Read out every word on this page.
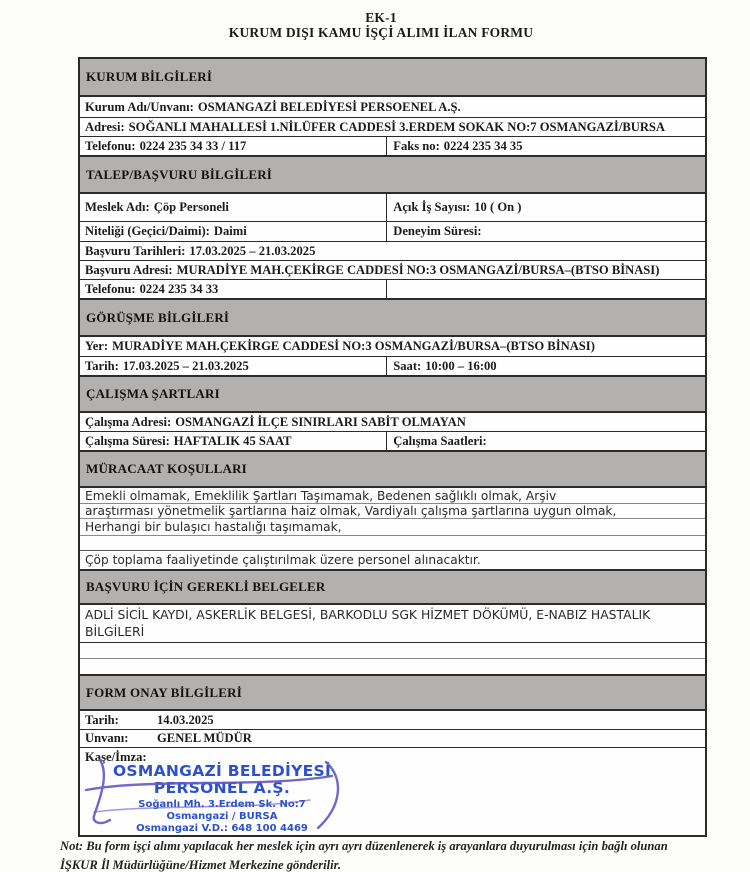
EK-1
KURUM DIŞI KAMU İŞÇİ ALIMI İLAN FORMU
KURUM BİLGİLERİ
Kurum Adı/Unvanı: OSMANGAZİ BELEDİYESİ PERSOENEL A.Ş.
Adresi: SOĞANLI MAHALLESİ 1.NİLÜFER CADDESİ 3.ERDEM SOKAK NO:7 OSMANGAZİ/BURSA
Telefonu: 0224 235 34 33 / 117	Faks no: 0224 235 34 35
TALEP/BAŞVURU BİLGİLERİ
Meslek Adı: Çöp Personeli	Açık İş Sayısı: 10 ( On )
Niteliği (Geçici/Daimi): Daimi	Deneyim Süresi:
Başvuru Tarihleri: 17.03.2025 – 21.03.2025
Başvuru Adresi: MURADİYE MAH.ÇEKİRGE CADDESİ NO:3 OSMANGAZİ/BURSA–(BTSO BİNASI)
Telefonu: 0224 235 34 33
GÖRÜŞME BİLGİLERİ
Yer: MURADİYE MAH.ÇEKİRGE CADDESİ NO:3 OSMANGAZİ/BURSA–(BTSO BİNASI)
Tarih: 17.03.2025 – 21.03.2025	Saat: 10:00 – 16:00
ÇALIŞMA ŞARTLARI
Çalışma Adresi: OSMANGAZİ İLÇE SINIRLARI SABİT OLMAYAN
Çalışma Süresi: HAFTALIK 45 SAAT	Çalışma Saatleri:
MÜRACAAT KOŞULLARI
Emekli olmamak, Emeklilik Şartları Taşımamak, Bedenen sağlıklı olmak, Arşiv
araştırması yönetmelik şartlarına haiz olmak, Vardiyalı çalışma şartlarına uygun olmak,
Herhangi bir bulaşıcı hastalığı taşımamak,
Çöp toplama faaliyetinde çalıştırılmak üzere personel alınacaktır.
BAŞVURU İÇİN GEREKLİ BELGELER
ADLİ SİCİL KAYDI, ASKERLİK BELGESİ, BARKODLU SGK HİZMET DÖKÜMÜ, E-NABIZ HASTALIK BİLGİLERİ
FORM ONAY BİLGİLERİ
Tarih:	14.03.2025
Unvanı:	GENEL MÜDÜR
Kaşe/İmza:
OSMANGAZİ BELEDİYESİ
PERSONEL A.Ş.
Soğanlı Mh. 3.Erdem Sk. No:7
Osmangazi / BURSA
Osmangazi V.D.: 648 100 4469
Not: Bu form işçi alımı yapılacak her meslek için ayrı ayrı düzenlenerek iş arayanlara duyurulması için bağlı olunan İŞKUR İl Müdürlüğüne/Hizmet Merkezine gönderilir.
